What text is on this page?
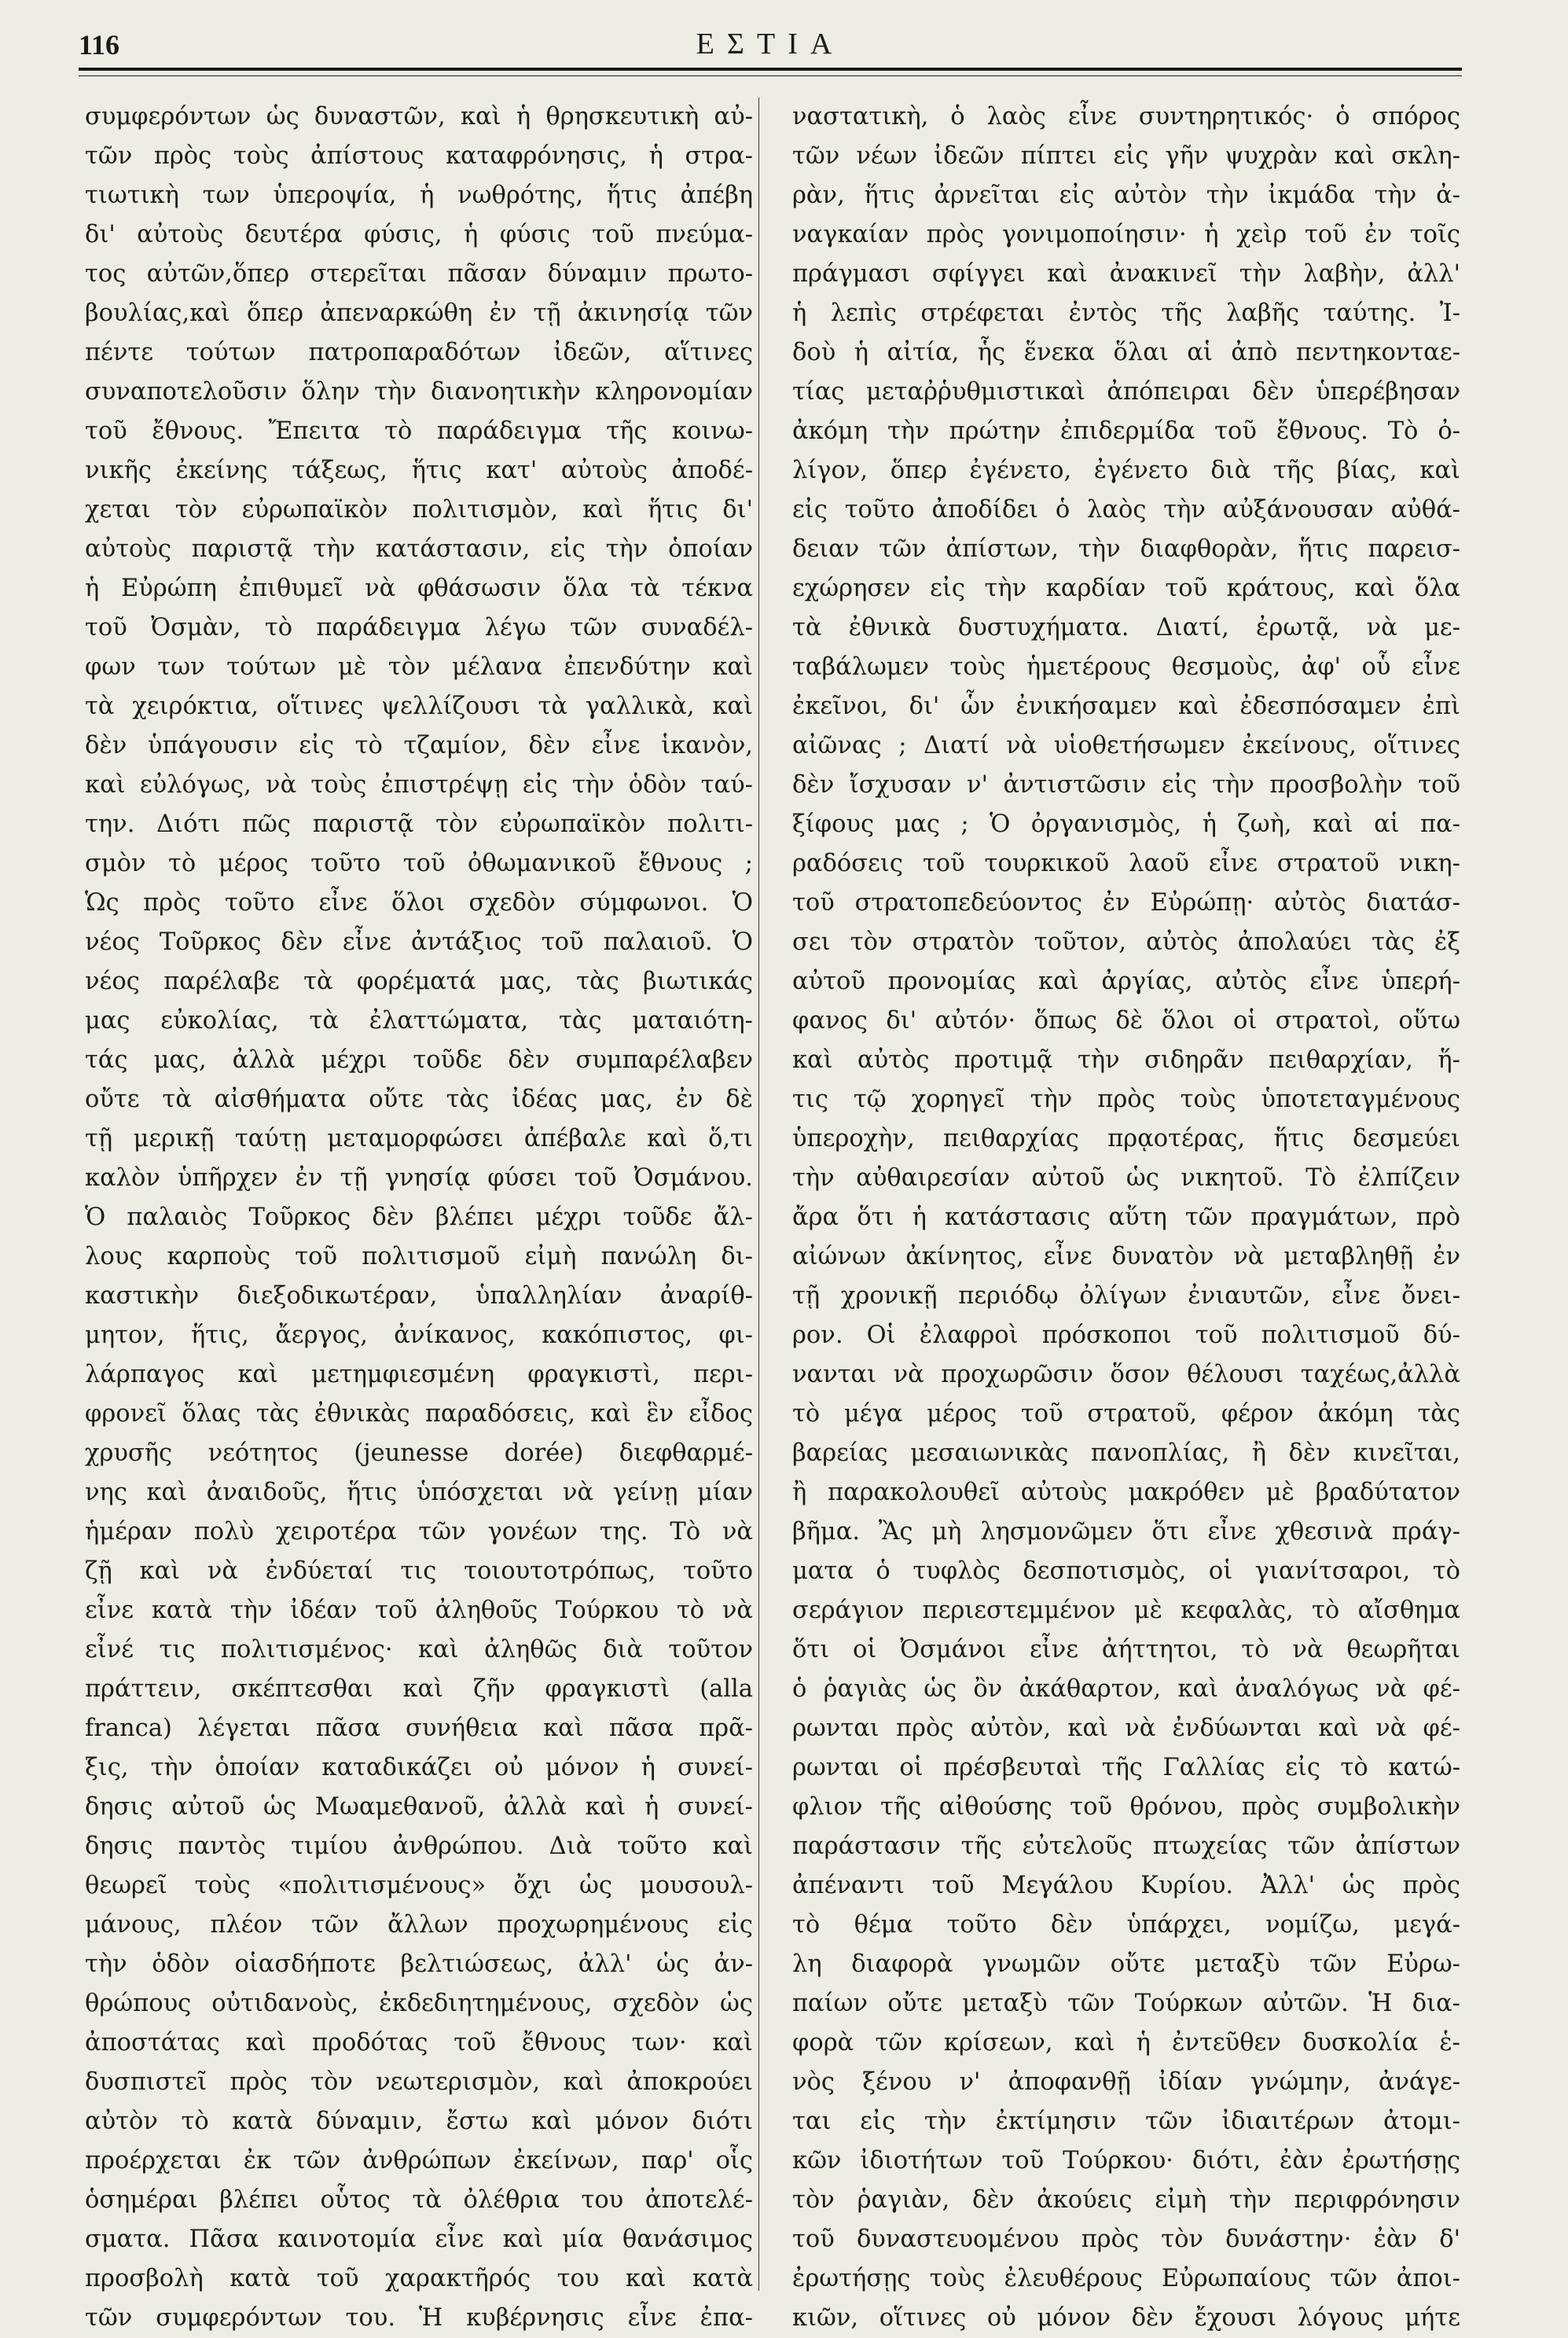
116	ΕΣΤΙΑ
συμφερόντων ὡς δυναστῶν, καὶ ἡ θρησκευτικὴ αὐ-
τῶν πρὸς τοὺς ἀπίστους καταφρόνησις, ἡ στρα-
τιωτικὴ των ὑπεροψία, ἡ νωθρότης, ἥτις ἀπέβη
δι' αὐτοὺς δευτέρα φύσις, ἡ φύσις τοῦ πνεύμα-
τος αὐτῶν,ὅπερ στερεῖται πᾶσαν δύναμιν πρωτο-
βουλίας,καὶ ὅπερ ἀπεναρκώθη ἐν τῇ ἀκινησίᾳ τῶν
πέντε τούτων πατροπαραδότων ἰδεῶν, αἵτινες
συναποτελοῦσιν ὅλην τὴν διανοητικὴν κληρονομίαν
τοῦ ἔθνους. Ἔπειτα τὸ παράδειγμα τῆς κοινω-
νικῆς ἐκείνης τάξεως, ἥτις κατ' αὐτοὺς ἀποδέ-
χεται τὸν εὐρωπαϊκὸν πολιτισμὸν, καὶ ἥτις δι'
αὐτοὺς παριστᾷ τὴν κατάστασιν, εἰς τὴν ὁποίαν
ἡ Εὐρώπη ἐπιθυμεῖ νὰ φθάσωσιν ὅλα τὰ τέκνα
τοῦ Ὀσμὰν, τὸ παράδειγμα λέγω τῶν συναδέλ-
φων των τούτων μὲ τὸν μέλανα ἐπενδύτην καὶ
τὰ χειρόκτια, οἵτινες ψελλίζουσι τὰ γαλλικὰ, καὶ
δὲν ὑπάγουσιν εἰς τὸ τζαμίον, δὲν εἶνε ἱκανὸν,
καὶ εὐλόγως, νὰ τοὺς ἐπιστρέψῃ εἰς τὴν ὁδὸν ταύ-
την. Διότι πῶς παριστᾷ τὸν εὐρωπαϊκὸν πολιτι-
σμὸν τὸ μέρος τοῦτο τοῦ ὀθωμανικοῦ ἔθνους ;
Ὡς πρὸς τοῦτο εἶνε ὅλοι σχεδὸν σύμφωνοι. Ὁ
νέος Τοῦρκος δὲν εἶνε ἀντάξιος τοῦ παλαιοῦ. Ὁ
νέος παρέλαβε τὰ φορέματά μας, τὰς βιωτικάς
μας εὐκολίας, τὰ ἐλαττώματα, τὰς ματαιότη-
τάς μας, ἀλλὰ μέχρι τοῦδε δὲν συμπαρέλαβεν
οὔτε τὰ αἰσθήματα οὔτε τὰς ἰδέας μας, ἐν δὲ
τῇ μερικῇ ταύτῃ μεταμορφώσει ἀπέβαλε καὶ ὅ,τι
καλὸν ὑπῆρχεν ἐν τῇ γνησίᾳ φύσει τοῦ Ὀσμάνου.
Ὁ παλαιὸς Τοῦρκος δὲν βλέπει μέχρι τοῦδε ἄλ-
λους καρποὺς τοῦ πολιτισμοῦ εἰμὴ πανώλη δι-
καστικὴν διεξοδικωτέραν, ὑπαλληλίαν ἀναρίθ-
μητον, ἥτις, ἄεργος, ἀνίκανος, κακόπιστος, φι-
λάρπαγος καὶ μετημφιεσμένη φραγκιστὶ, περι-
φρονεῖ ὅλας τὰς ἐθνικὰς παραδόσεις, καὶ ἓν εἶδος
χρυσῆς νεότητος (jeunesse dorée) διεφθαρμέ-
νης καὶ ἀναιδοῦς, ἥτις ὑπόσχεται νὰ γείνῃ μίαν
ἡμέραν πολὺ χειροτέρα τῶν γονέων της. Τὸ νὰ
ζῇ καὶ νὰ ἐνδύεταί τις τοιουτοτρόπως, τοῦτο
εἶνε κατὰ τὴν ἰδέαν τοῦ ἀληθοῦς Τούρκου τὸ νὰ
εἶνέ τις πολιτισμένος· καὶ ἀληθῶς διὰ τοῦτον
πράττειν, σκέπτεσθαι καὶ ζῆν φραγκιστὶ (alla
franca) λέγεται πᾶσα συνήθεια καὶ πᾶσα πρᾶ-
ξις, τὴν ὁποίαν καταδικάζει οὐ μόνον ἡ συνεί-
δησις αὐτοῦ ὡς Μωαμεθανοῦ, ἀλλὰ καὶ ἡ συνεί-
δησις παντὸς τιμίου ἀνθρώπου. Διὰ τοῦτο καὶ
θεωρεῖ τοὺς «πολιτισμένους» ὄχι ὡς μουσουλ-
μάνους, πλέον τῶν ἄλλων προχωρημένους εἰς
τὴν ὁδὸν οἱασδήποτε βελτιώσεως, ἀλλ' ὡς ἀν-
θρώπους οὐτιδανοὺς, ἐκδεδιητημένους, σχεδὸν ὡς
ἀποστάτας καὶ προδότας τοῦ ἔθνους των· καὶ
δυσπιστεῖ πρὸς τὸν νεωτερισμὸν, καὶ ἀποκρούει
αὐτὸν τὸ κατὰ δύναμιν, ἔστω καὶ μόνον διότι
προέρχεται ἐκ τῶν ἀνθρώπων ἐκείνων, παρ' οἷς
ὁσημέραι βλέπει οὗτος τὰ ὀλέθρια του ἀποτελέ-
σματα. Πᾶσα καινοτομία εἶνε καὶ μία θανάσιμος
προσβολὴ κατὰ τοῦ χαρακτῆρός του καὶ κατὰ
τῶν συμφερόντων του. Ἡ κυβέρνησις εἶνε ἐπα-
ναστατικὴ, ὁ λαὸς εἶνε συντηρητικός· ὁ σπόρος
τῶν νέων ἰδεῶν πίπτει εἰς γῆν ψυχρὰν καὶ σκλη-
ρὰν, ἥτις ἀρνεῖται εἰς αὐτὸν τὴν ἰκμάδα τὴν ἀ-
ναγκαίαν πρὸς γονιμοποίησιν· ἡ χεὶρ τοῦ ἐν τοῖς
πράγμασι σφίγγει καὶ ἀνακινεῖ τὴν λαβὴν, ἀλλ'
ἡ λεπὶς στρέφεται ἐντὸς τῆς λαβῆς ταύτης. Ἰ-
δοὺ ἡ αἰτία, ἧς ἕνεκα ὅλαι αἱ ἀπὸ πεντηκονταε-
τίας μεταῤῥυθμιστικαὶ ἀπόπειραι δὲν ὑπερέβησαν
ἀκόμη τὴν πρώτην ἐπιδερμίδα τοῦ ἔθνους. Τὸ ὀ-
λίγον, ὅπερ ἐγένετο, ἐγένετο διὰ τῆς βίας, καὶ
εἰς τοῦτο ἀποδίδει ὁ λαὸς τὴν αὐξάνουσαν αὐθά-
δειαν τῶν ἀπίστων, τὴν διαφθορὰν, ἥτις παρεισ-
εχώρησεν εἰς τὴν καρδίαν τοῦ κράτους, καὶ ὅλα
τὰ ἐθνικὰ δυστυχήματα. Διατί, ἐρωτᾷ, νὰ με-
ταβάλωμεν τοὺς ἡμετέρους θεσμοὺς, ἀφ' οὗ εἶνε
ἐκεῖνοι, δι' ὧν ἐνικήσαμεν καὶ ἐδεσπόσαμεν ἐπὶ
αἰῶνας ; Διατί νὰ υἱοθετήσωμεν ἐκείνους, οἵτινες
δὲν ἴσχυσαν ν' ἀντιστῶσιν εἰς τὴν προσβολὴν τοῦ
ξίφους μας ; Ὁ ὀργανισμὸς, ἡ ζωὴ, καὶ αἱ πα-
ραδόσεις τοῦ τουρκικοῦ λαοῦ εἶνε στρατοῦ νικη-
τοῦ στρατοπεδεύοντος ἐν Εὐρώπῃ· αὐτὸς διατάσ-
σει τὸν στρατὸν τοῦτον, αὐτὸς ἀπολαύει τὰς ἐξ
αὐτοῦ προνομίας καὶ ἀργίας, αὐτὸς εἶνε ὑπερή-
φανος δι' αὐτόν· ὅπως δὲ ὅλοι οἱ στρατοὶ, οὕτω
καὶ αὐτὸς προτιμᾷ τὴν σιδηρᾶν πειθαρχίαν, ἥ-
τις τῷ χορηγεῖ τὴν πρὸς τοὺς ὑποτεταγμένους
ὑπεροχὴν, πειθαρχίας πρᾳοτέρας, ἥτις δεσμεύει
τὴν αὐθαιρεσίαν αὐτοῦ ὡς νικητοῦ. Τὸ ἐλπίζειν
ἄρα ὅτι ἡ κατάστασις αὕτη τῶν πραγμάτων, πρὸ
αἰώνων ἀκίνητος, εἶνε δυνατὸν νὰ μεταβληθῇ ἐν
τῇ χρονικῇ περιόδῳ ὀλίγων ἐνιαυτῶν, εἶνε ὄνει-
ρον. Οἱ ἐλαφροὶ πρόσκοποι τοῦ πολιτισμοῦ δύ-
νανται νὰ προχωρῶσιν ὅσον θέλουσι ταχέως,ἀλλὰ
τὸ μέγα μέρος τοῦ στρατοῦ, φέρον ἀκόμη τὰς
βαρείας μεσαιωνικὰς πανοπλίας, ἢ δὲν κινεῖται,
ἢ παρακολουθεῖ αὐτοὺς μακρόθεν μὲ βραδύτατον
βῆμα. Ἂς μὴ λησμονῶμεν ὅτι εἶνε χθεσινὰ πράγ-
ματα ὁ τυφλὸς δεσποτισμὸς, οἱ γιανίτσαροι, τὸ
σεράγιον περιεστεμμένον μὲ κεφαλὰς, τὸ αἴσθημα
ὅτι οἱ Ὀσμάνοι εἶνε ἀήττητοι, τὸ νὰ θεωρῆται
ὁ ῥαγιὰς ὡς ὂν ἀκάθαρτον, καὶ ἀναλόγως νὰ φέ-
ρωνται πρὸς αὐτὸν, καὶ νὰ ἐνδύωνται καὶ νὰ φέ-
ρωνται οἱ πρέσβευταὶ τῆς Γαλλίας εἰς τὸ κατώ-
φλιον τῆς αἰθούσης τοῦ θρόνου, πρὸς συμβολικὴν
παράστασιν τῆς εὐτελοῦς πτωχείας τῶν ἀπίστων
ἀπέναντι τοῦ Μεγάλου Κυρίου. Ἀλλ' ὡς πρὸς
τὸ θέμα τοῦτο δὲν ὑπάρχει, νομίζω, μεγά-
λη διαφορὰ γνωμῶν οὔτε μεταξὺ τῶν Εὐρω-
παίων οὔτε μεταξὺ τῶν Τούρκων αὐτῶν. Ἡ δια-
φορὰ τῶν κρίσεων, καὶ ἡ ἐντεῦθεν δυσκολία ἑ-
νὸς ξένου ν' ἀποφανθῇ ἰδίαν γνώμην, ἀνάγε-
ται εἰς τὴν ἐκτίμησιν τῶν ἰδιαιτέρων ἀτομι-
κῶν ἰδιοτήτων τοῦ Τούρκου· διότι, ἐὰν ἐρωτήσῃς
τὸν ῥαγιὰν, δὲν ἀκούεις εἰμὴ τὴν περιφρόνησιν
τοῦ δυναστευομένου πρὸς τὸν δυνάστην· ἐὰν δ'
ἐρωτήσῃς τοὺς ἐλευθέρους Εὐρωπαίους τῶν ἀποι-
κιῶν, οἵτινες οὐ μόνον δὲν ἔχουσι λόγους μήτε
